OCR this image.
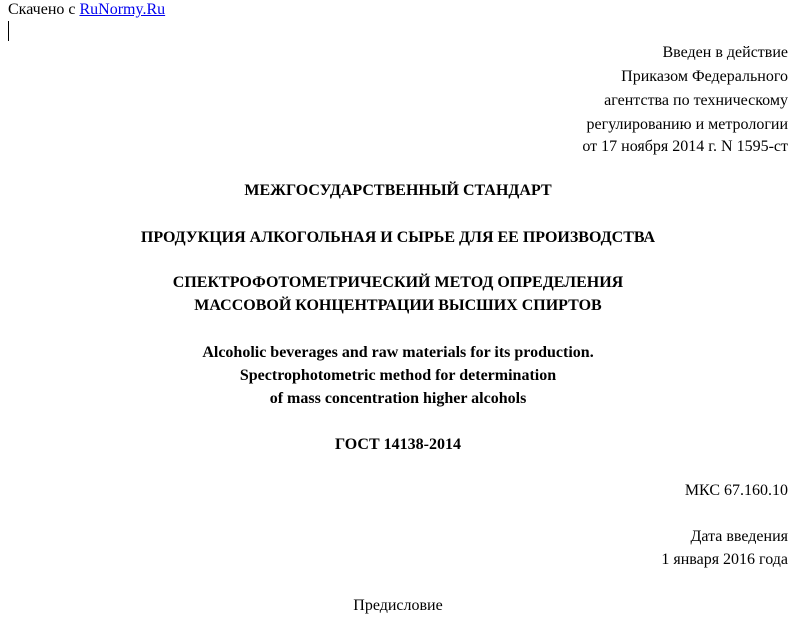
Скачено с RuNormy.Ru
Введен в действие
Приказом Федерального
агентства по техническому
регулированию и метрологии
от 17 ноября 2014 г. N 1595-ст
МЕЖГОСУДАРСТВЕННЫЙ СТАНДАРТ
ПРОДУКЦИЯ АЛКОГОЛЬНАЯ И СЫРЬЕ ДЛЯ ЕЕ ПРОИЗВОДСТВА
СПЕКТРОФОТОМЕТРИЧЕСКИЙ МЕТОД ОПРЕДЕЛЕНИЯ
МАССОВОЙ КОНЦЕНТРАЦИИ ВЫСШИХ СПИРТОВ
Alcoholic beverages and raw materials for its production.
Spectrophotometric method for determination
of mass concentration higher alcohols
ГОСТ 14138-2014
МКС 67.160.10
Дата введения
1 января 2016 года
Предисловие
